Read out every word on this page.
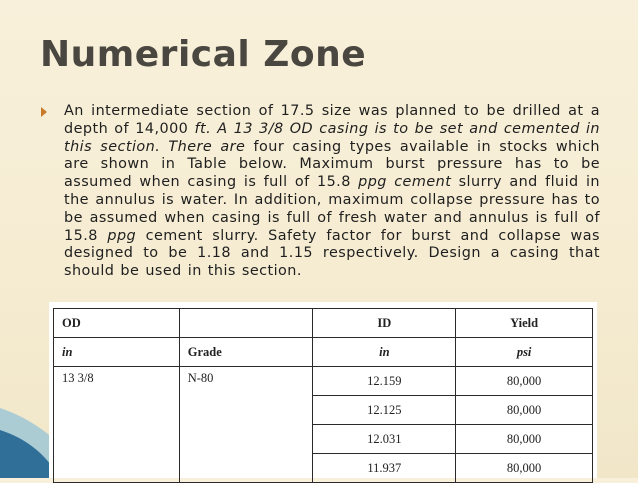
Numerical Zone
An intermediate section of 17.5 size was planned to be drilled at a depth of 14,000 ft. A 13 3/8 OD casing is to be set and cemented in this section. There are four casing types available in stocks which are shown in Table below. Maximum burst pressure has to be assumed when casing is full of 15.8 ppg cement slurry and fluid in the annulus is water. In addition, maximum collapse pressure has to be assumed when casing is full of fresh water and annulus is full of 15.8 ppg cement slurry. Safety factor for burst and collapse was designed to be 1.18 and 1.15 respectively. Design a casing that should be used in this section.
OD		ID	Yield
in	Grade	in	psi
13 3/8	N-80	12.159	80,000
		12.125	80,000
		12.031	80,000
		11.937	80,000
